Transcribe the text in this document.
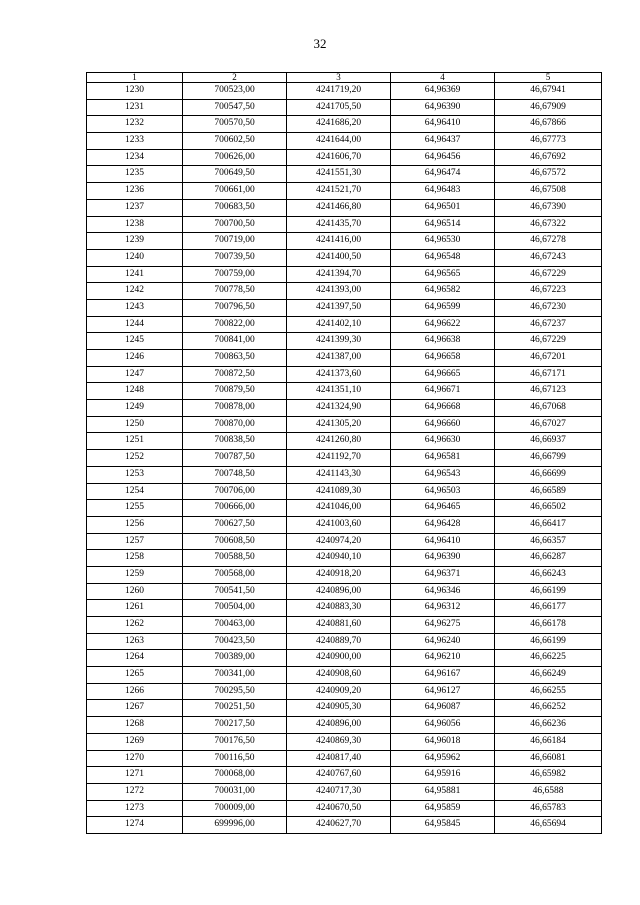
32
1	2	3	4	5
1230	700523,00	4241719,20	64,96369	46,67941
1231	700547,50	4241705,50	64,96390	46,67909
1232	700570,50	4241686,20	64,96410	46,67866
1233	700602,50	4241644,00	64,96437	46,67773
1234	700626,00	4241606,70	64,96456	46,67692
1235	700649,50	4241551,30	64,96474	46,67572
1236	700661,00	4241521,70	64,96483	46,67508
1237	700683,50	4241466,80	64,96501	46,67390
1238	700700,50	4241435,70	64,96514	46,67322
1239	700719,00	4241416,00	64,96530	46,67278
1240	700739,50	4241400,50	64,96548	46,67243
1241	700759,00	4241394,70	64,96565	46,67229
1242	700778,50	4241393,00	64,96582	46,67223
1243	700796,50	4241397,50	64,96599	46,67230
1244	700822,00	4241402,10	64,96622	46,67237
1245	700841,00	4241399,30	64,96638	46,67229
1246	700863,50	4241387,00	64,96658	46,67201
1247	700872,50	4241373,60	64,96665	46,67171
1248	700879,50	4241351,10	64,96671	46,67123
1249	700878,00	4241324,90	64,96668	46,67068
1250	700870,00	4241305,20	64,96660	46,67027
1251	700838,50	4241260,80	64,96630	46,66937
1252	700787,50	4241192,70	64,96581	46,66799
1253	700748,50	4241143,30	64,96543	46,66699
1254	700706,00	4241089,30	64,96503	46,66589
1255	700666,00	4241046,00	64,96465	46,66502
1256	700627,50	4241003,60	64,96428	46,66417
1257	700608,50	4240974,20	64,96410	46,66357
1258	700588,50	4240940,10	64,96390	46,66287
1259	700568,00	4240918,20	64,96371	46,66243
1260	700541,50	4240896,00	64,96346	46,66199
1261	700504,00	4240883,30	64,96312	46,66177
1262	700463,00	4240881,60	64,96275	46,66178
1263	700423,50	4240889,70	64,96240	46,66199
1264	700389,00	4240900,00	64,96210	46,66225
1265	700341,00	4240908,60	64,96167	46,66249
1266	700295,50	4240909,20	64,96127	46,66255
1267	700251,50	4240905,30	64,96087	46,66252
1268	700217,50	4240896,00	64,96056	46,66236
1269	700176,50	4240869,30	64,96018	46,66184
1270	700116,50	4240817,40	64,95962	46,66081
1271	700068,00	4240767,60	64,95916	46,65982
1272	700031,00	4240717,30	64,95881	46,6588
1273	700009,00	4240670,50	64,95859	46,65783
1274	699996,00	4240627,70	64,95845	46,65694
